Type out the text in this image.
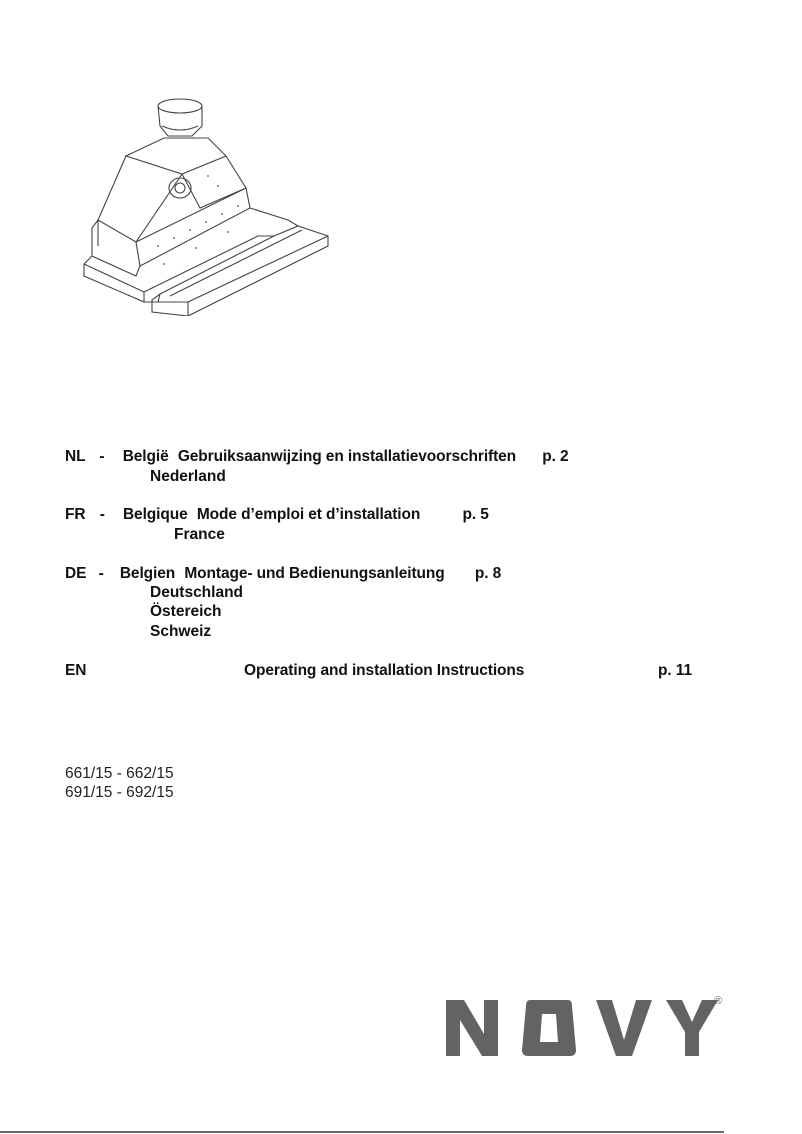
NL - België Gebruiksaanwijzing en installatievoorschriften p. 2
Nederland
FR - Belgique Mode d’emploi et d’installation	p. 5
France
DE - Belgien Montage- und Bedienungsanleitung p. 8
Deutschland
Östereich
Schweiz
EN	Operating and installation Instructions	p. 11
661/15 - 662/15
691/15 - 692/15
®
